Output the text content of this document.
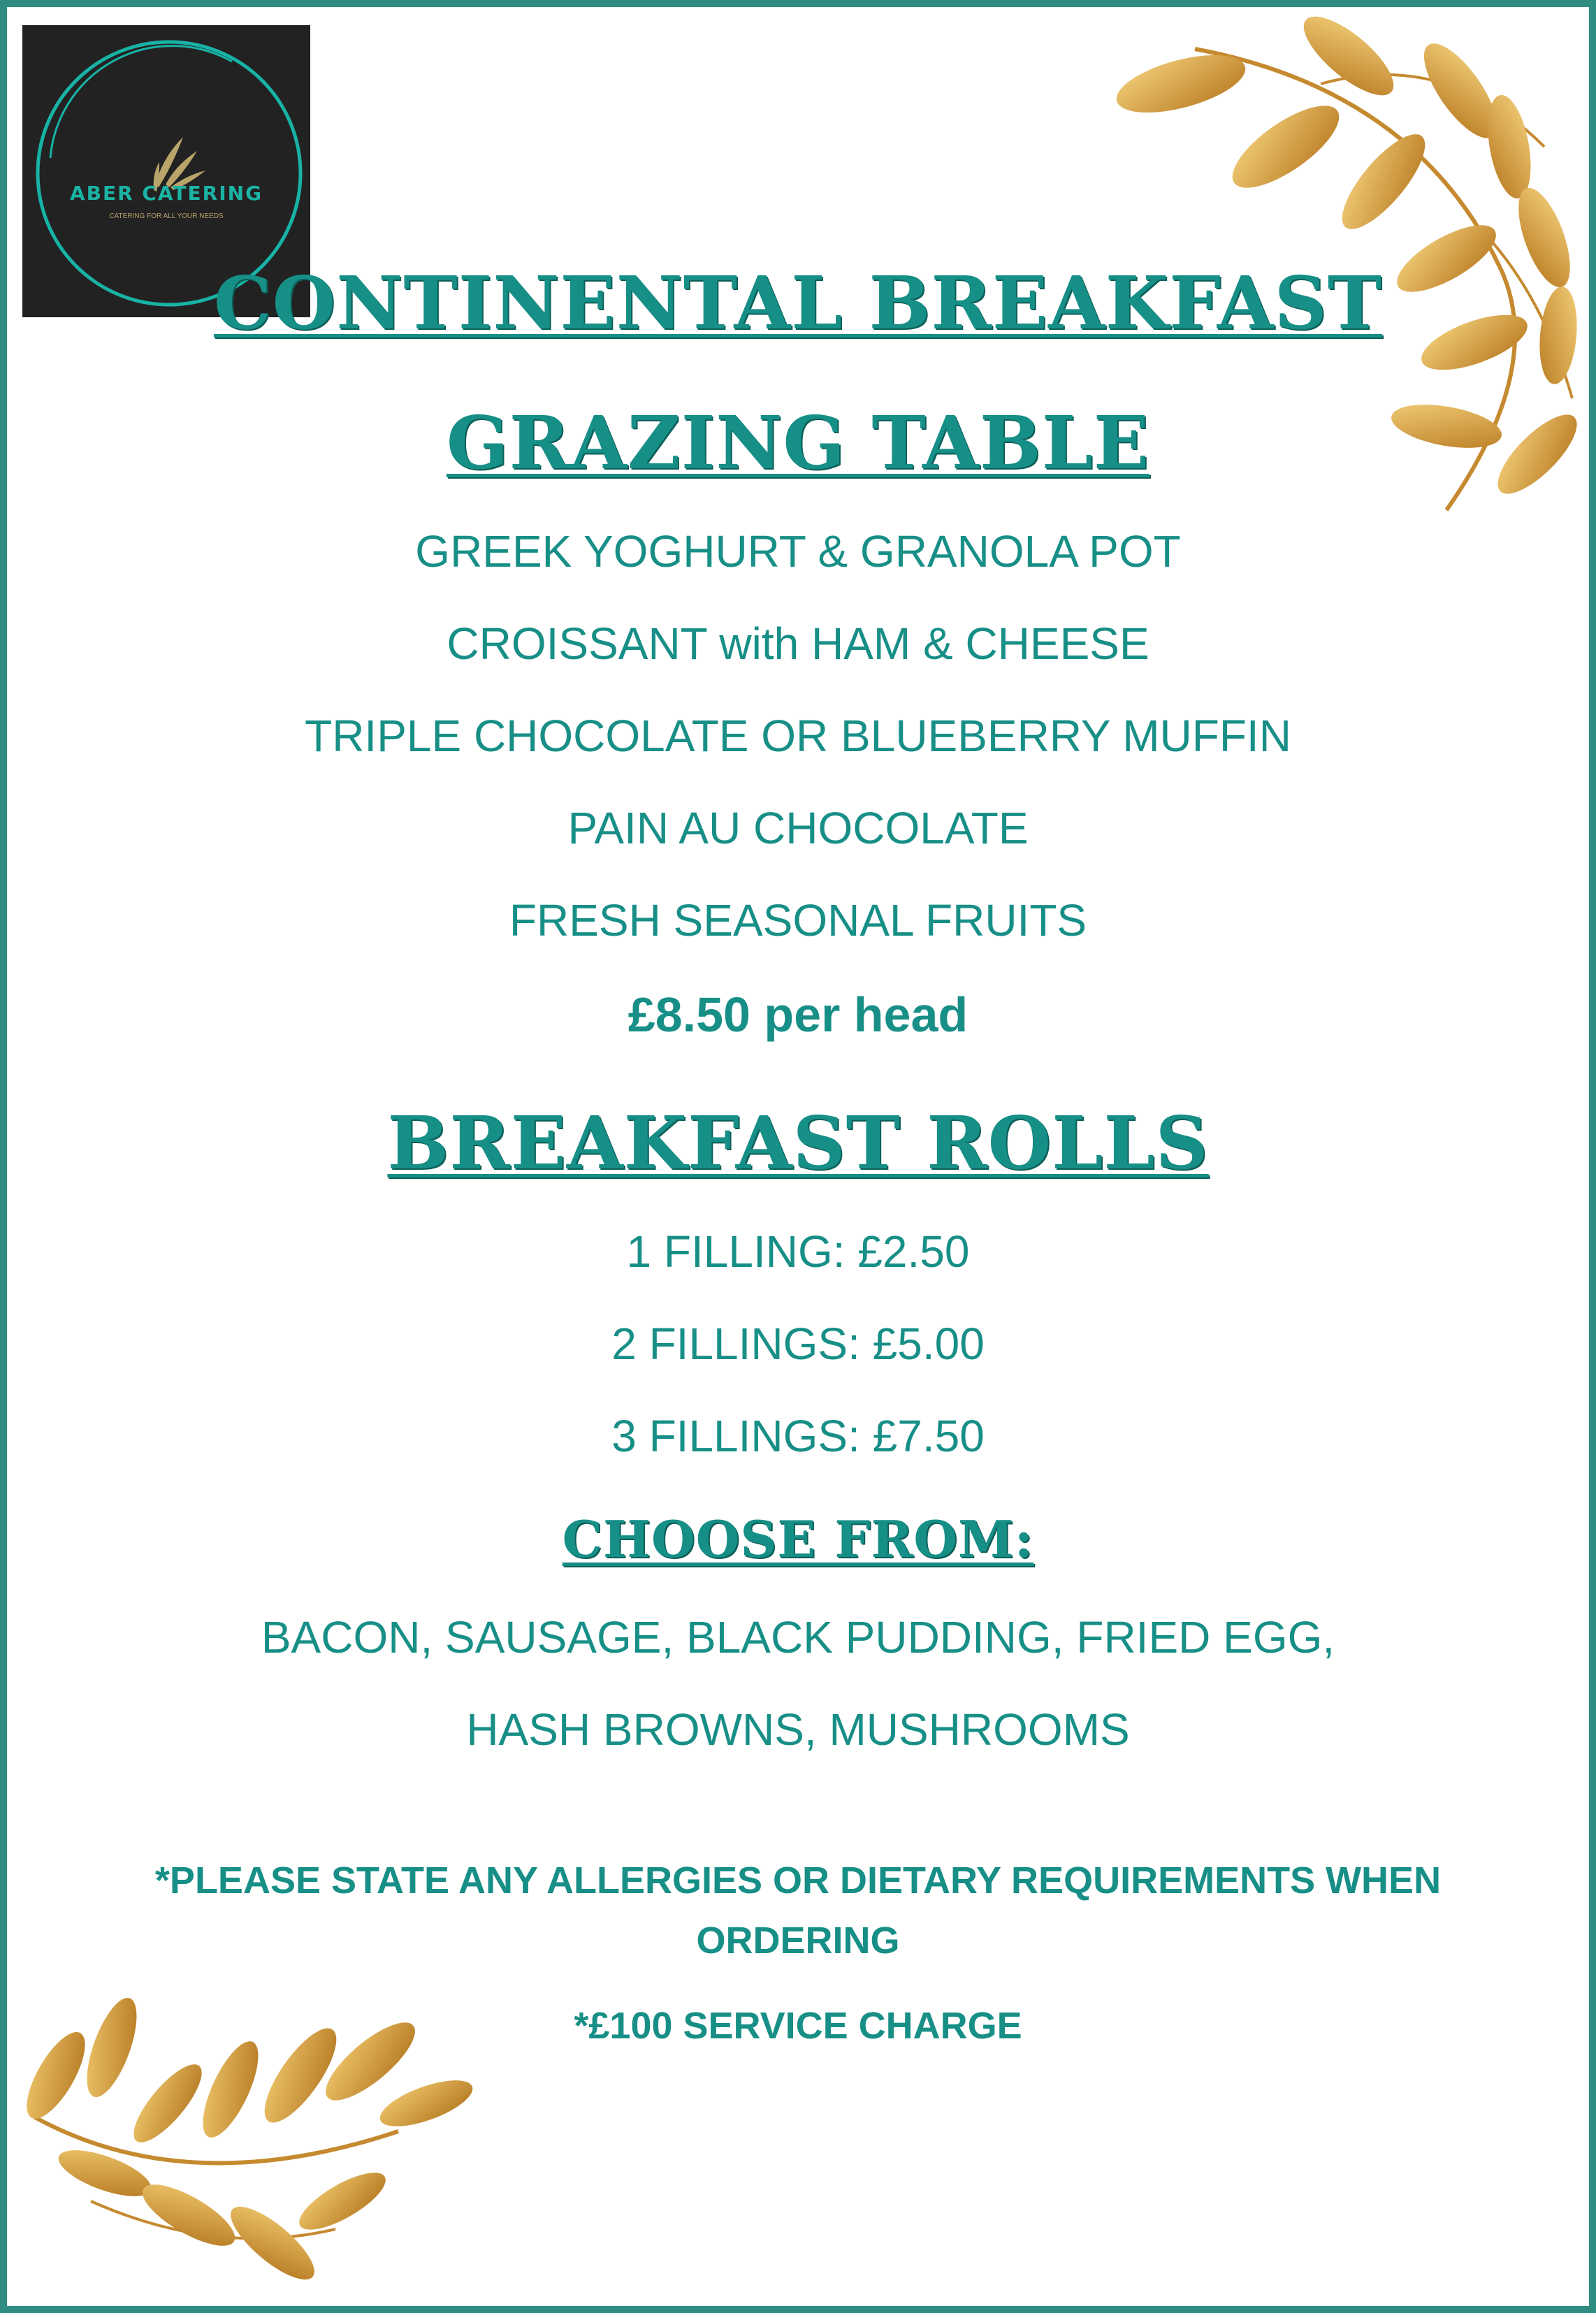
ABER CATERING
CATERING FOR ALL YOUR NEEDS
CONTINENTAL BREAKFAST
GRAZING TABLE
GREEK YOGHURT & GRANOLA POT
CROISSANT with HAM & CHEESE
TRIPLE CHOCOLATE OR BLUEBERRY MUFFIN
PAIN AU CHOCOLATE
FRESH SEASONAL FRUITS
£8.50 per head
BREAKFAST ROLLS
1 FILLING: £2.50
2 FILLINGS: £5.00
3 FILLINGS: £7.50
CHOOSE FROM:
BACON, SAUSAGE, BLACK PUDDING, FRIED EGG,
HASH BROWNS, MUSHROOMS
*PLEASE STATE ANY ALLERGIES OR DIETARY REQUIREMENTS WHEN
ORDERING
*£100 SERVICE CHARGE
